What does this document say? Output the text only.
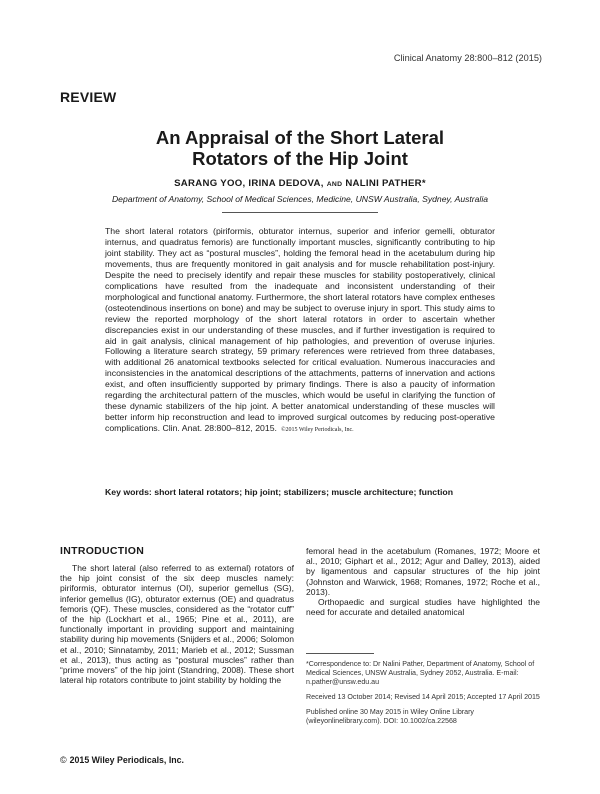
Clinical Anatomy 28:800–812 (2015)
REVIEW
An Appraisal of the Short Lateral
Rotators of the Hip Joint
SARANG YOO, IRINA DEDOVA, AND NALINI PATHER*
Department of Anatomy, School of Medical Sciences, Medicine, UNSW Australia, Sydney, Australia
The short lateral rotators (piriformis, obturator internus, superior and inferior gemelli, obturator internus, and quadratus femoris) are functionally important muscles, significantly contributing to hip joint stability. They act as “postural muscles”, holding the femoral head in the acetabulum during hip movements, thus are frequently monitored in gait analysis and for muscle rehabilitation post-injury. Despite the need to precisely identify and repair these muscles for stability postoperatively, clinical complications have resulted from the inadequate and inconsistent understanding of their morphological and functional anatomy. Furthermore, the short lateral rotators have complex entheses (osteotendinous insertions on bone) and may be subject to overuse injury in sport. This study aims to review the reported morphology of the short lateral rotators in order to ascertain whether discrepancies exist in our understanding of these muscles, and if further investigation is required to aid in gait analysis, clinical management of hip pathologies, and prevention of overuse injuries. Following a literature search strategy, 59 primary references were retrieved from three databases, with additional 26 anatomical textbooks selected for critical evaluation. Numerous inaccuracies and inconsistencies in the anatomical descriptions of the attachments, patterns of innervation and actions exist, and often insufficiently supported by primary findings. There is also a paucity of information regarding the architectural pattern of the muscles, which would be useful in clarifying the function of these dynamic stabilizers of the hip joint. A better anatomical understanding of these muscles will better inform hip reconstruction and lead to improved surgical outcomes by reducing post-operative complications. Clin. Anat. 28:800–812, 2015. ©2015 Wiley Periodicals, Inc.
Key words: short lateral rotators; hip joint; stabilizers; muscle architecture; function
INTRODUCTION

The short lateral (also referred to as external) rotators of the hip joint consist of the six deep muscles namely: piriformis, obturator internus (OI), superior gemellus (SG), inferior gemellus (IG), obturator externus (OE) and quadratus femoris (QF). These muscles, considered as the “rotator cuff” of the hip (Lockhart et al., 1965; Pine et al., 2011), are functionally important in providing support and maintaining stability during hip movements (Snijders et al., 2006; Solomon et al., 2010; Sinnatamby, 2011; Marieb et al., 2012; Sussman et al., 2013), thus acting as “postural muscles” rather than “prime movers” of the hip joint (Standring, 2008). These short lateral hip rotators contribute to joint stability by holding the

femoral head in the acetabulum (Romanes, 1972; Moore et al., 2010; Giphart et al., 2012; Agur and Dalley, 2013), aided by ligamentous and capsular structures of the hip joint (Johnston and Warwick, 1968; Romanes, 1972; Roche et al., 2013).

Orthopaedic and surgical studies have highlighted the need for accurate and detailed anatomical

*Correspondence to: Dr Nalini Pather, Department of Anatomy, School of Medical Sciences, UNSW Australia, Sydney 2052, Australia. E-mail: n.pather@unsw.edu.au

Received 13 October 2014; Revised 14 April 2015; Accepted 17 April 2015

Published online 30 May 2015 in Wiley Online Library (wileyonlinelibrary.com). DOI: 10.1002/ca.22568

© 2015 Wiley Periodicals, Inc.
